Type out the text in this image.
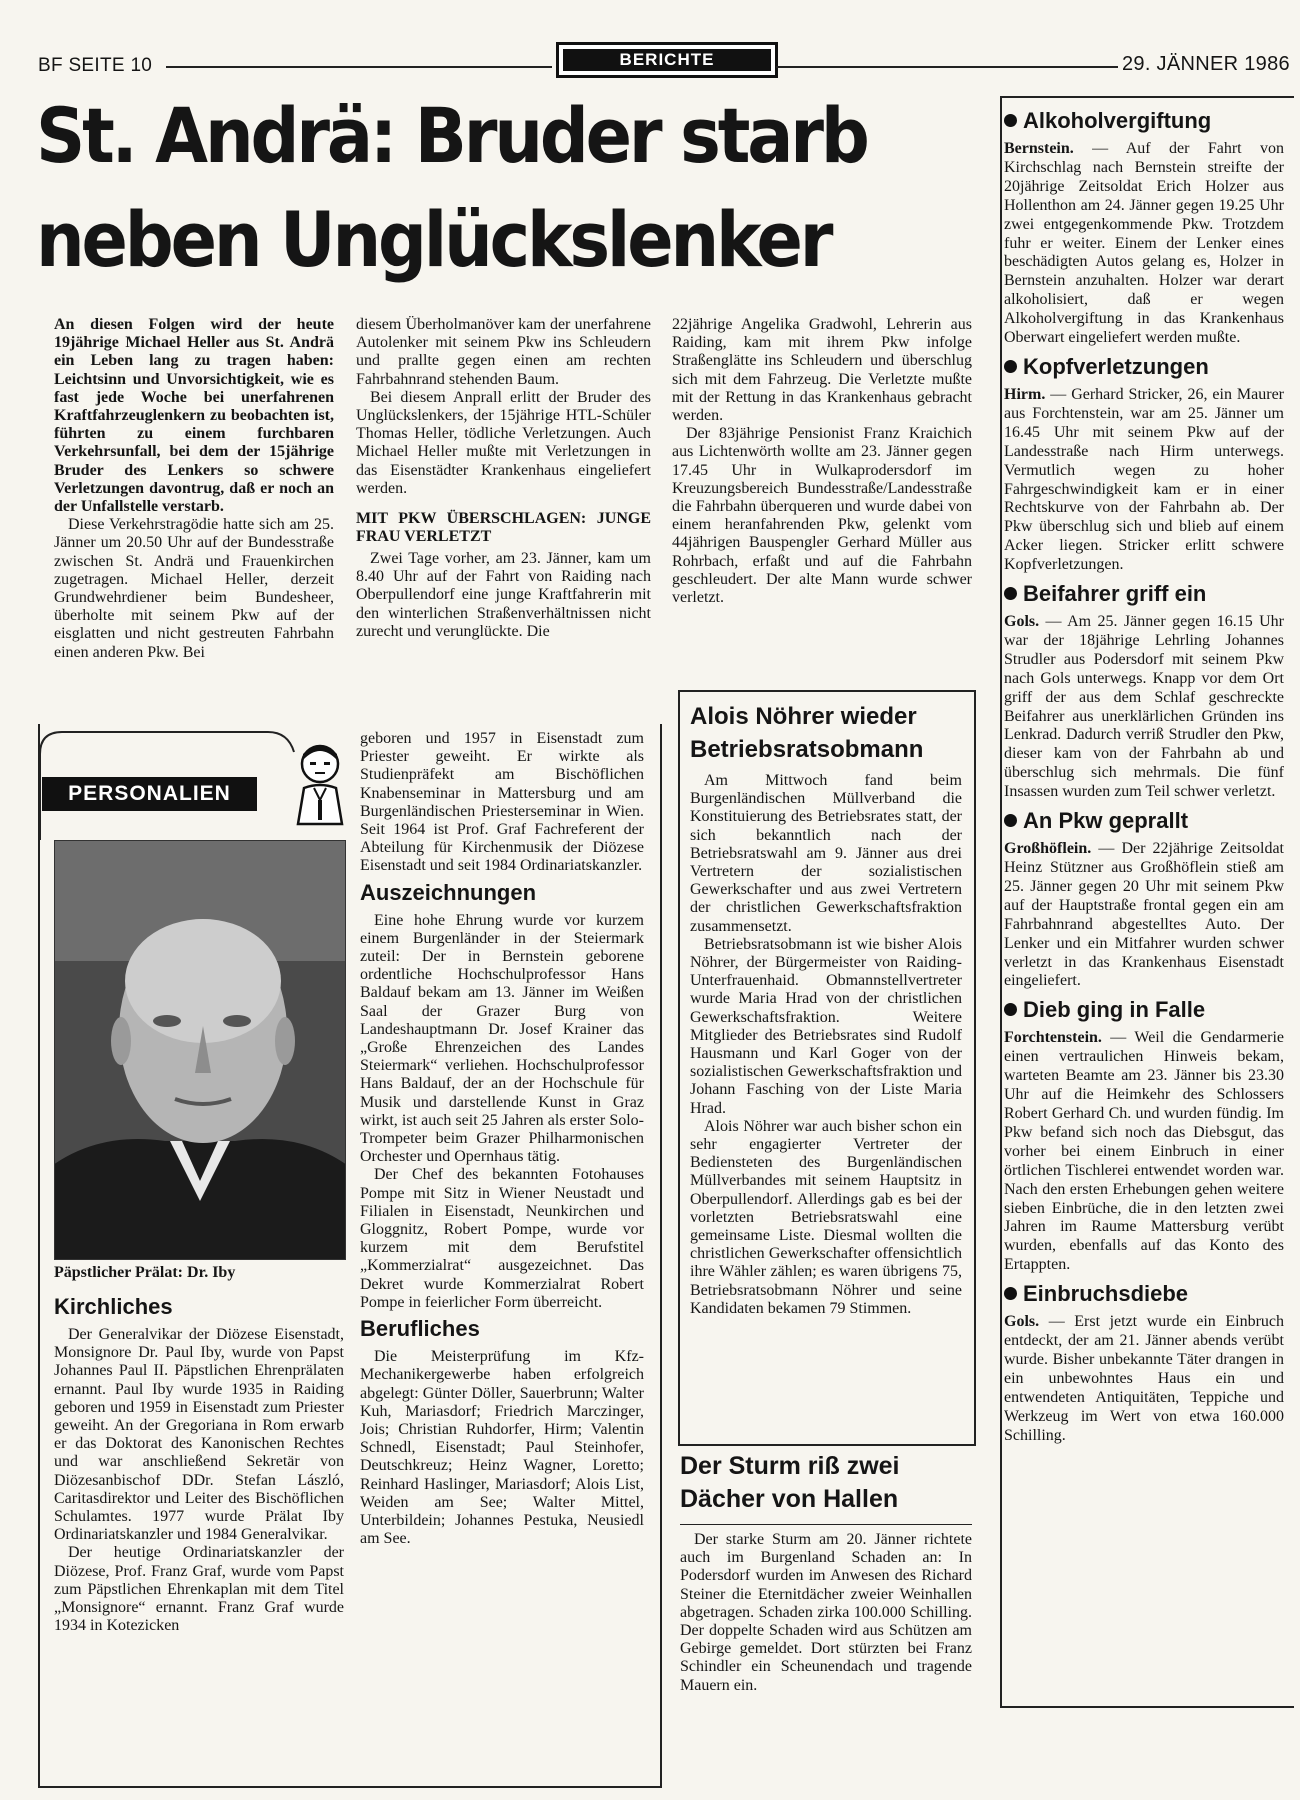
BF SEITE 10	BERICHTE	29. JÄNNER 1986
St. Andrä: Bruder starb
neben Unglückslenker

An diesen Folgen wird der heute 19jährige Michael Heller aus St. Andrä ein Leben lang zu tragen haben: Leichtsinn und Unvorsichtigkeit, wie es fast jede Woche bei unerfahrenen Kraftfahrzeuglenkern zu beobachten ist, führten zu einem furchbaren Verkehrsunfall, bei dem der 15jährige Bruder des Lenkers so schwere Verletzungen davontrug, daß er noch an der Unfallstelle verstarb.

Diese Verkehrstragödie hatte sich am 25. Jänner um 20.50 Uhr auf der Bundesstraße zwischen St. Andrä und Frauenkirchen zugetragen. Michael Heller, derzeit Grundwehrdiener beim Bundesheer, überholte mit seinem Pkw auf der eisglatten und nicht gestreuten Fahrbahn einen anderen Pkw. Bei

diesem Überholmanöver kam der unerfahrene Autolenker mit seinem Pkw ins Schleudern und prallte gegen einen am rechten Fahrbahnrand stehenden Baum.

Bei diesem Anprall erlitt der Bruder des Unglückslenkers, der 15jährige HTL-Schüler Thomas Heller, tödliche Verletzungen. Auch Michael Heller mußte mit Verletzungen in das Eisenstädter Krankenhaus eingeliefert werden.

MIT PKW ÜBERSCHLAGEN: JUNGE FRAU VERLETZT

Zwei Tage vorher, am 23. Jänner, kam um 8.40 Uhr auf der Fahrt von Raiding nach Oberpullendorf eine junge Kraftfahrerin mit den winterlichen Straßenverhältnissen nicht zurecht und verunglückte. Die

22jährige Angelika Gradwohl, Lehrerin aus Raiding, kam mit ihrem Pkw infolge Straßenglätte ins Schleudern und überschlug sich mit dem Fahrzeug. Die Verletzte mußte mit der Rettung in das Krankenhaus gebracht werden.

Der 83jährige Pensionist Franz Kraichich aus Lichtenwörth wollte am 23. Jänner gegen 17.45 Uhr in Wulkaprodersdorf im Kreuzungsbereich Bundesstraße/Landesstraße die Fahrbahn überqueren und wurde dabei von einem heranfahrenden Pkw, gelenkt vom 44jährigen Bauspengler Gerhard Müller aus Rohrbach, erfaßt und auf die Fahrbahn geschleudert. Der alte Mann wurde schwer verletzt.

PERSONALIEN
Päpstlicher Prälat: Dr. Iby
Kirchliches

Der Generalvikar der Diözese Eisenstadt, Monsignore Dr. Paul Iby, wurde von Papst Johannes Paul II. Päpstlichen Ehrenprälaten ernannt. Paul Iby wurde 1935 in Raiding geboren und 1959 in Eisenstadt zum Priester geweiht. An der Gregoriana in Rom erwarb er das Doktorat des Kanonischen Rechtes und war anschließend Sekretär von Diözesanbischof DDr. Stefan László, Caritasdirektor und Leiter des Bischöflichen Schulamtes. 1977 wurde Prälat Iby Ordinariatskanzler und 1984 Generalvikar.

Der heutige Ordinariatskanzler der Diözese, Prof. Franz Graf, wurde vom Papst zum Päpstlichen Ehrenkaplan mit dem Titel „Monsignore“ ernannt. Franz Graf wurde 1934 in Kotezicken

geboren und 1957 in Eisenstadt zum Priester geweiht. Er wirkte als Studienpräfekt am Bischöflichen Knabenseminar in Mattersburg und am Burgenländischen Priesterseminar in Wien. Seit 1964 ist Prof. Graf Fachreferent der Abteilung für Kirchenmusik der Diözese Eisenstadt und seit 1984 Ordinariatskanzler.

Auszeichnungen

Eine hohe Ehrung wurde vor kurzem einem Burgenländer in der Steiermark zuteil: Der in Bernstein geborene ordentliche Hochschulprofessor Hans Baldauf bekam am 13. Jänner im Weißen Saal der Grazer Burg von Landeshauptmann Dr. Josef Krainer das „Große Ehrenzeichen des Landes Steiermark“ verliehen. Hochschulprofessor Hans Baldauf, der an der Hochschule für Musik und darstellende Kunst in Graz wirkt, ist auch seit 25 Jahren als erster Solo-Trompeter beim Grazer Philharmonischen Orchester und Opernhaus tätig.

Der Chef des bekannten Fotohauses Pompe mit Sitz in Wiener Neustadt und Filialen in Eisenstadt, Neunkirchen und Gloggnitz, Robert Pompe, wurde vor kurzem mit dem Berufstitel „Kommerzialrat“ ausgezeichnet. Das Dekret wurde Kommerzialrat Robert Pompe in feierlicher Form überreicht.

Berufliches

Die Meisterprüfung im Kfz-Mechanikergewerbe haben erfolgreich abgelegt: Günter Döller, Sauerbrunn; Walter Kuh, Mariasdorf; Friedrich Marczinger, Jois; Christian Ruhdorfer, Hirm; Valentin Schnedl, Eisenstadt; Paul Steinhofer, Deutschkreuz; Heinz Wagner, Loretto; Reinhard Haslinger, Mariasdorf; Alois List, Weiden am See; Walter Mittel, Unterbildein; Johannes Pestuka, Neusiedl am See.

Alois Nöhrer wieder
Betriebsratsobmann

Am Mittwoch fand beim Burgenländischen Müllverband die Konstituierung des Betriebsrates statt, der sich bekanntlich nach der Betriebsratswahl am 9. Jänner aus drei Vertretern der sozialistischen Gewerkschafter und aus zwei Vertretern der christlichen Gewerkschaftsfraktion zusammensetzt.

Betriebsratsobmann ist wie bisher Alois Nöhrer, der Bürgermeister von Raiding-Unterfrauenhaid. Obmannstellvertreter wurde Maria Hrad von der christlichen Gewerkschaftsfraktion. Weitere Mitglieder des Betriebsrates sind Rudolf Hausmann und Karl Goger von der sozialistischen Gewerkschaftsfraktion und Johann Fasching von der Liste Maria Hrad.

Alois Nöhrer war auch bisher schon ein sehr engagierter Vertreter der Bediensteten des Burgenländischen Müllverbandes mit seinem Hauptsitz in Oberpullendorf. Allerdings gab es bei der vorletzten Betriebsratswahl eine gemeinsame Liste. Diesmal wollten die christlichen Gewerkschafter offensichtlich ihre Wähler zählen; es waren übrigens 75, Betriebsratsobmann Nöhrer und seine Kandidaten bekamen 79 Stimmen.

Der Sturm riß zwei
Dächer von Hallen

Der starke Sturm am 20. Jänner richtete auch im Burgenland Schaden an: In Podersdorf wurden im Anwesen des Richard Steiner die Eternitdächer zweier Weinhallen abgetragen. Schaden zirka 100.000 Schilling. Der doppelte Schaden wird aus Schützen am Gebirge gemeldet. Dort stürzten bei Franz Schindler ein Scheunendach und tragende Mauern ein.

Alkoholvergiftung

Bernstein. — Auf der Fahrt von Kirchschlag nach Bernstein streifte der 20jährige Zeitsoldat Erich Holzer aus Hollenthon am 24. Jänner gegen 19.25 Uhr zwei entgegenkommende Pkw. Trotzdem fuhr er weiter. Einem der Lenker eines beschädigten Autos gelang es, Holzer in Bernstein anzuhalten. Holzer war derart alkoholisiert, daß er wegen Alkoholvergiftung in das Krankenhaus Oberwart eingeliefert werden mußte.

Kopfverletzungen

Hirm. — Gerhard Stricker, 26, ein Maurer aus Forchtenstein, war am 25. Jänner um 16.45 Uhr mit seinem Pkw auf der Landesstraße nach Hirm unterwegs. Vermutlich wegen zu hoher Fahrgeschwindigkeit kam er in einer Rechtskurve von der Fahrbahn ab. Der Pkw überschlug sich und blieb auf einem Acker liegen. Stricker erlitt schwere Kopfverletzungen.

Beifahrer griff ein

Gols. — Am 25. Jänner gegen 16.15 Uhr war der 18jährige Lehrling Johannes Strudler aus Podersdorf mit seinem Pkw nach Gols unterwegs. Knapp vor dem Ort griff der aus dem Schlaf geschreckte Beifahrer aus unerklärlichen Gründen ins Lenkrad. Dadurch verriß Strudler den Pkw, dieser kam von der Fahrbahn ab und überschlug sich mehrmals. Die fünf Insassen wurden zum Teil schwer verletzt.

An Pkw geprallt

Großhöflein. — Der 22jährige Zeitsoldat Heinz Stützner aus Großhöflein stieß am 25. Jänner gegen 20 Uhr mit seinem Pkw auf der Hauptstraße frontal gegen ein am Fahrbahnrand abgestelltes Auto. Der Lenker und ein Mitfahrer wurden schwer verletzt in das Krankenhaus Eisenstadt eingeliefert.

Dieb ging in Falle

Forchtenstein. — Weil die Gendarmerie einen vertraulichen Hinweis bekam, warteten Beamte am 23. Jänner bis 23.30 Uhr auf die Heimkehr des Schlossers Robert Gerhard Ch. und wurden fündig. Im Pkw befand sich noch das Diebsgut, das vorher bei einem Einbruch in einer örtlichen Tischlerei entwendet worden war. Nach den ersten Erhebungen gehen weitere sieben Einbrüche, die in den letzten zwei Jahren im Raume Mattersburg verübt wurden, ebenfalls auf das Konto des Ertappten.

Einbruchsdiebe

Gols. — Erst jetzt wurde ein Einbruch entdeckt, der am 21. Jänner abends verübt wurde. Bisher unbekannte Täter drangen in ein unbewohntes Haus ein und entwendeten Antiquitäten, Teppiche und Werkzeug im Wert von etwa 160.000 Schilling.
